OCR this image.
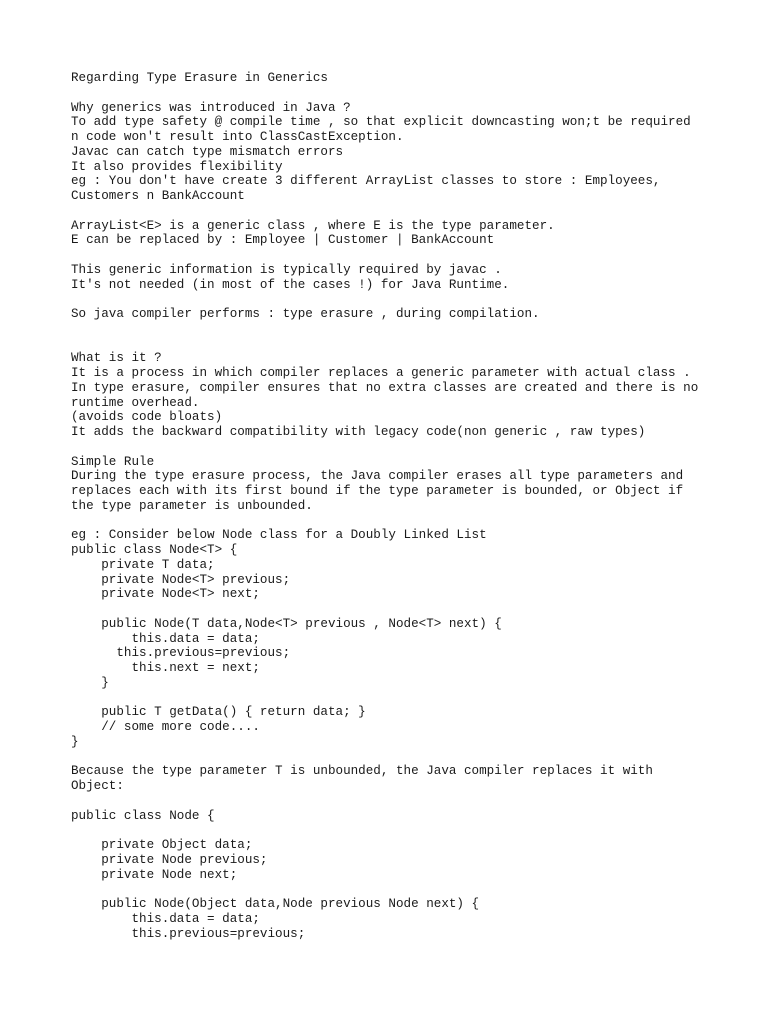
Regarding Type Erasure in Generics

Why generics was introduced in Java ?
To add type safety @ compile time , so that explicit downcasting won;t be required
n code won't result into ClassCastException.
Javac can catch type mismatch errors
It also provides flexibility
eg : You don't have create 3 different ArrayList classes to store : Employees,
Customers n BankAccount

ArrayList<E> is a generic class , where E is the type parameter.
E can be replaced by : Employee | Customer | BankAccount

This generic information is typically required by javac .
It's not needed (in most of the cases !) for Java Runtime.

So java compiler performs : type erasure , during compilation.

What is it ?
It is a process in which compiler replaces a generic parameter with actual class .
In type erasure, compiler ensures that no extra classes are created and there is no
runtime overhead.
(avoids code bloats)
It adds the backward compatibility with legacy code(non generic , raw types)

Simple Rule
During the type erasure process, the Java compiler erases all type parameters and
replaces each with its first bound if the type parameter is bounded, or Object if
the type parameter is unbounded.

eg : Consider below Node class for a Doubly Linked List
public class Node<T> {
private T data;
private Node<T> previous;
private Node<T> next;

public Node(T data,Node<T> previous , Node<T> next) {
this.data = data;
this.previous=previous;
this.next = next;
}

public T getData() { return data; }
// some more code....
}

Because the type parameter T is unbounded, the Java compiler replaces it with
Object:

public class Node {

private Object data;
private Node previous;
private Node next;

public Node(Object data,Node previous Node next) {
this.data = data;
this.previous=previous;
